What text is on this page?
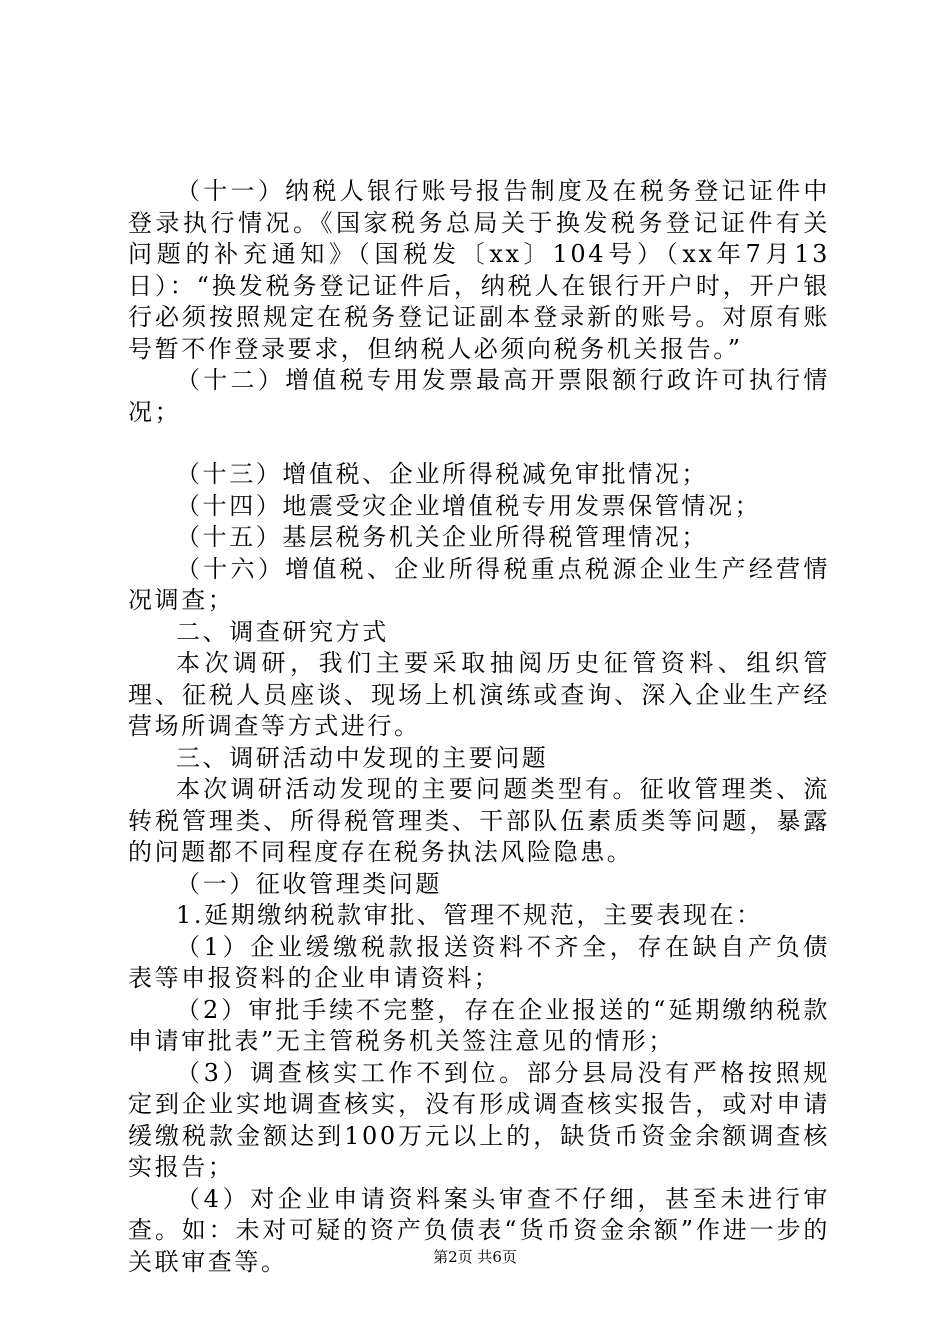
（十一）纳税人银行账号报告制度及在税务登记证件中登录执行情况。《国家税务总局关于换发税务登记证件有关问题的补充通知》（国税发〔xx〕104号）（xx年7月13日）：“换发税务登记证件后，纳税人在银行开户时，开户银行必须按照规定在税务登记证副本登录新的账号。对原有账号暂不作登录要求，但纳税人必须向税务机关报告。”

（十二）增值税专用发票最高开票限额行政许可执行情况；

（十三）增值税、企业所得税减免审批情况；

（十四）地震受灾企业增值税专用发票保管情况；

（十五）基层税务机关企业所得税管理情况；

（十六）增值税、企业所得税重点税源企业生产经营情况调查；

二、调查研究方式

本次调研，我们主要采取抽阅历史征管资料、组织管理、征税人员座谈、现场上机演练或查询、深入企业生产经营场所调查等方式进行。

三、调研活动中发现的主要问题

本次调研活动发现的主要问题类型有。征收管理类、流转税管理类、所得税管理类、干部队伍素质类等问题，暴露的问题都不同程度存在税务执法风险隐患。

（一）征收管理类问题

1.延期缴纳税款审批、管理不规范，主要表现在：

（1）企业缓缴税款报送资料不齐全，存在缺自产负债表等申报资料的企业申请资料；

（2）审批手续不完整，存在企业报送的“延期缴纳税款申请审批表”无主管税务机关签注意见的情形；

（3）调查核实工作不到位。部分县局没有严格按照规定到企业实地调查核实，没有形成调查核实报告，或对申请缓缴税款金额达到100万元以上的，缺货币资金余额调查核实报告；

（4）对企业申请资料案头审查不仔细，甚至未进行审查。如：未对可疑的资产负债表“货币资金余额”作进一步的关联审查等。	第2页 共6页
